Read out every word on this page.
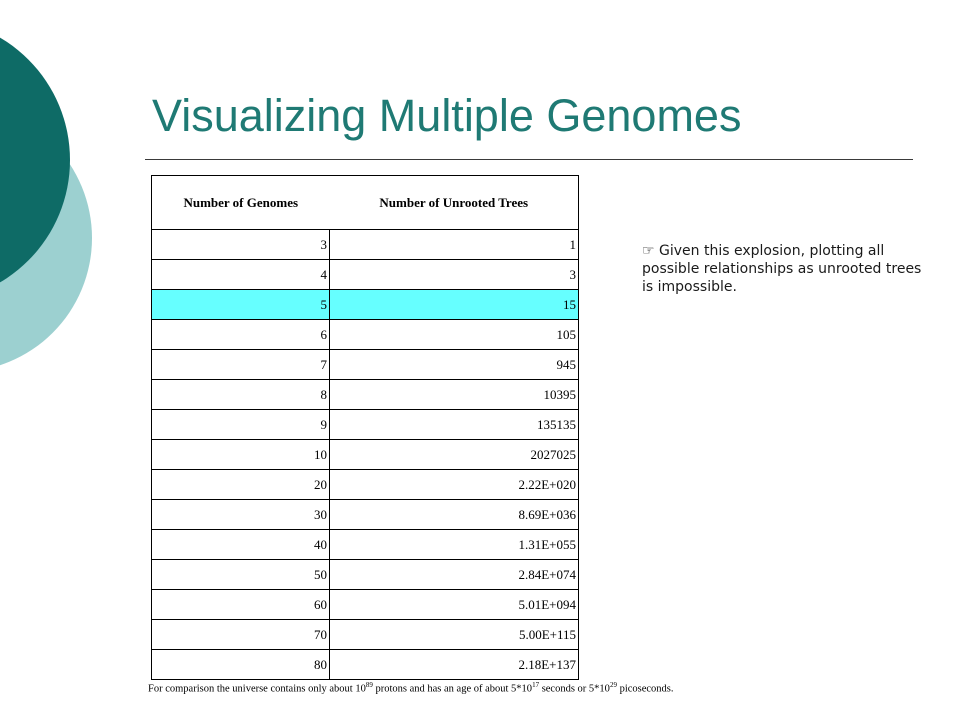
Visualizing Multiple Genomes
Number of Genomes	Number of Unrooted Trees
3	1
4	3
5	15
6	105
7	945
8	10395
9	135135
10	2027025
20	2.22E+020
30	8.69E+036
40	1.31E+055
50	2.84E+074
60	5.01E+094
70	5.00E+115
80	2.18E+137
☞ Given this explosion, plotting all possible relationships as unrooted trees is impossible.
For comparison the universe contains only about $10^{89}$ protons and has an age of about $5*10^{17}$ seconds or $5*10^{29}$ picoseconds.
